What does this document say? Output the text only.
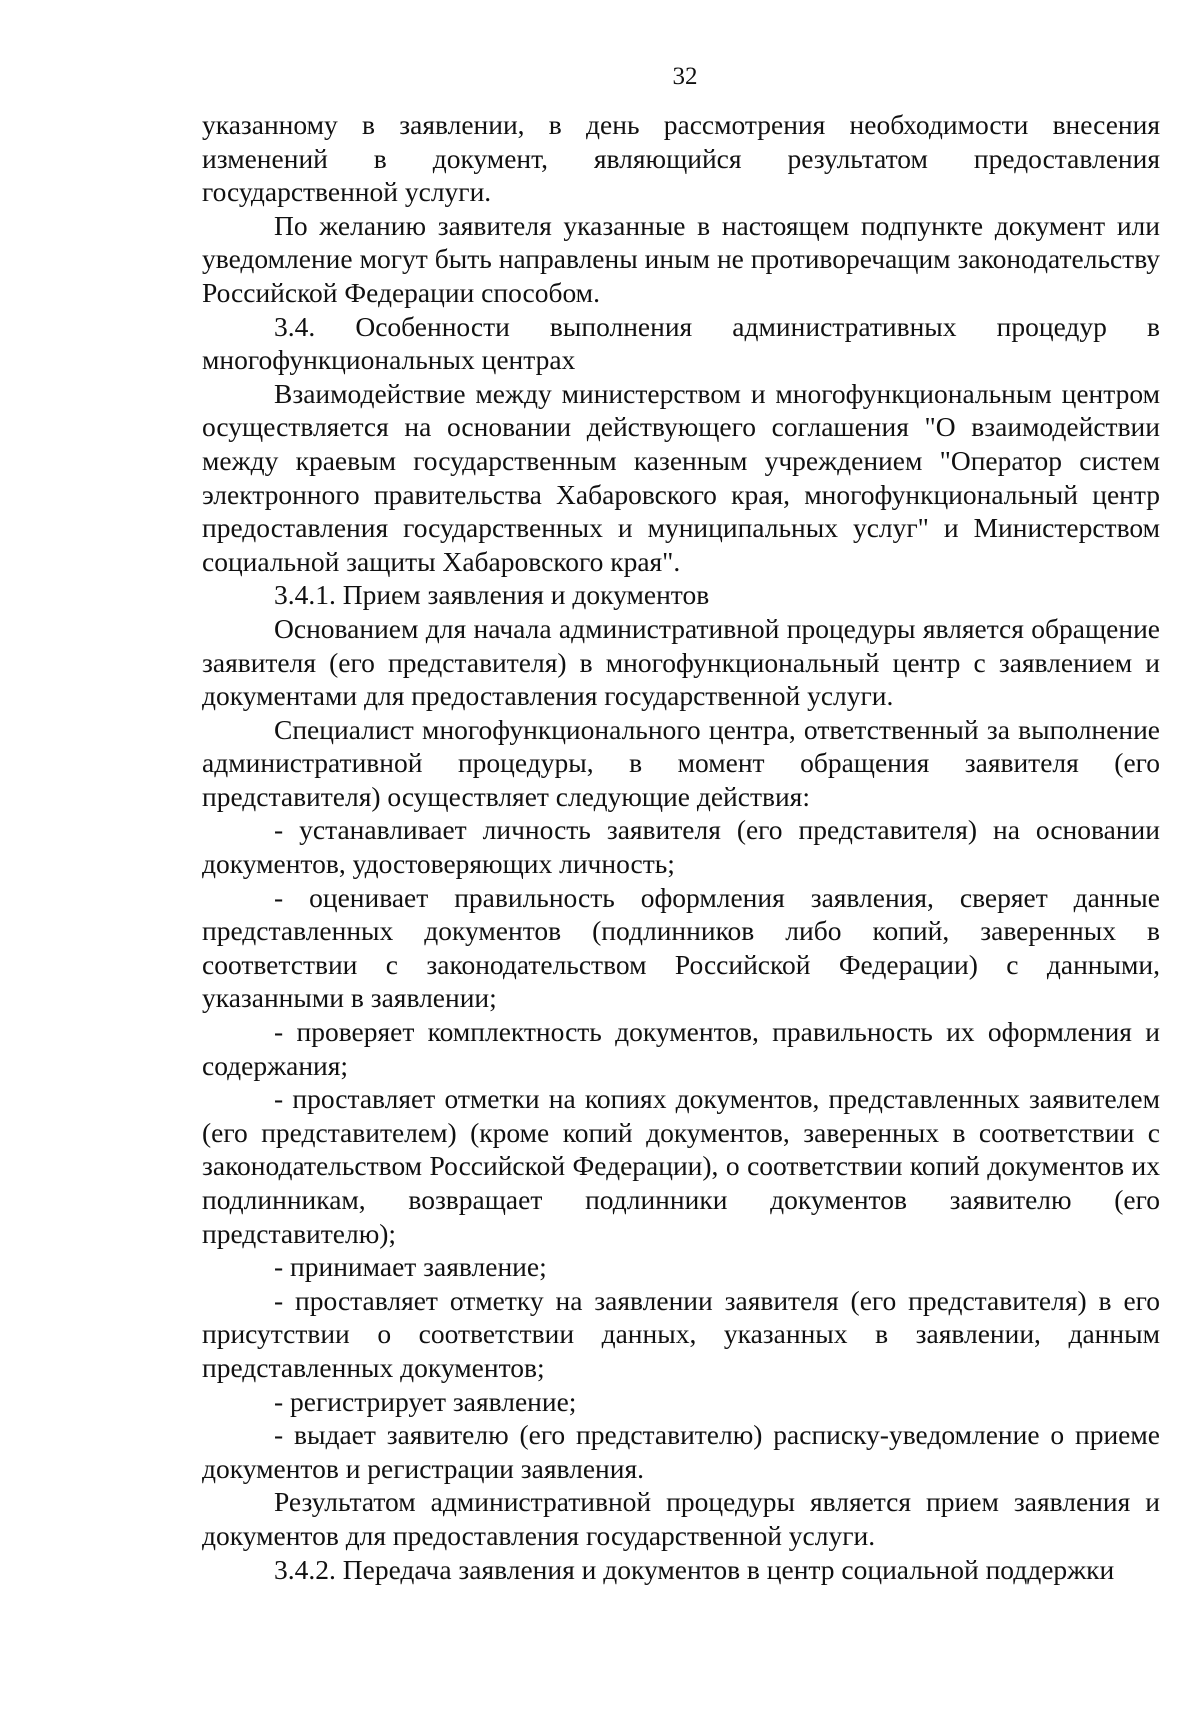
32

указанному в заявлении, в день рассмотрения необходимости внесения изменений в документ, являющийся результатом предоставления государственной услуги.

По желанию заявителя указанные в настоящем подпункте документ или уведомление могут быть направлены иным не противоречащим законодательству Российской Федерации способом.

3.4. Особенности выполнения административных процедур в многофункциональных центрах

Взаимодействие между министерством и многофункциональным центром осуществляется на основании действующего соглашения "О взаимодействии между краевым государственным казенным учреждением "Оператор систем электронного правительства Хабаровского края, многофункциональный центр предоставления государственных и муниципальных услуг" и Министерством социальной защиты Хабаровского края".

3.4.1. Прием заявления и документов

Основанием для начала административной процедуры является обращение заявителя (его представителя) в многофункциональный центр с заявлением и документами для предоставления государственной услуги.

Специалист многофункционального центра, ответственный за выполнение административной процедуры, в момент обращения заявителя (его представителя) осуществляет следующие действия:

- устанавливает личность заявителя (его представителя) на основании документов, удостоверяющих личность;

- оценивает правильность оформления заявления, сверяет данные представленных документов (подлинников либо копий, заверенных в соответствии с законодательством Российской Федерации) с данными, указанными в заявлении;

- проверяет комплектность документов, правильность их оформления и содержания;

- проставляет отметки на копиях документов, представленных заявителем (его представителем) (кроме копий документов, заверенных в соответствии с законодательством Российской Федерации), о соответствии копий документов их подлинникам, возвращает подлинники документов заявителю (его представителю);

- принимает заявление;

- проставляет отметку на заявлении заявителя (его представителя) в его присутствии о соответствии данных, указанных в заявлении, данным представленных документов;

- регистрирует заявление;

- выдает заявителю (его представителю) расписку-уведомление о приеме документов и регистрации заявления.

Результатом административной процедуры является прием заявления и документов для предоставления государственной услуги.

3.4.2. Передача заявления и документов в центр социальной поддержки
